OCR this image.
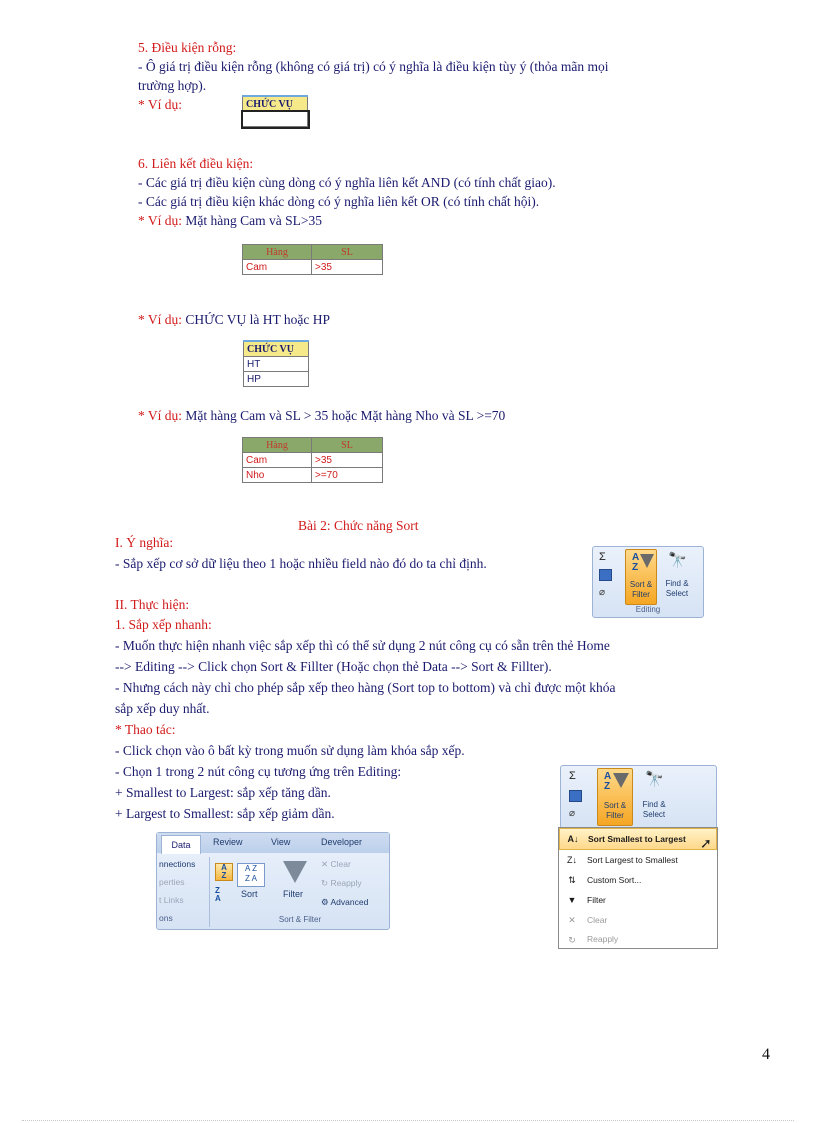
5. Điều kiện rỗng:
- Ô giá trị điều kiện rỗng (không có giá trị) có ý nghĩa là điều kiện tùy ý (thỏa mãn mọi
trường hợp).
* Ví dụ:	CHỨC VỤ

6. Liên kết điều kiện:
- Các giá trị điều kiện cùng dòng có ý nghĩa liên kết AND (có tính chất giao).
- Các giá trị điều kiện khác dòng có ý nghĩa liên kết OR (có tính chất hội).
* Ví dụ: Mặt hàng Cam và SL>35
Hàng	SL
Cam	>35
* Ví dụ: CHỨC VỤ là HT hoặc HP
CHỨC VỤ
HT
HP
* Ví dụ: Mặt hàng Cam và SL > 35 hoặc Mặt hàng Nho và SL >=70
Hàng	SL
Cam	>35
Nho	>=70
Bài 2: Chức năng Sort
I. Ý nghĩa:
- Sắp xếp cơ sở dữ liệu theo 1 hoặc nhiều field nào đó do ta chỉ định.	Σ
⌀
A
Z
Sort &
Filter
🔭
Find &
Select
Editing
II. Thực hiện:
1. Sắp xếp nhanh:
- Muốn thực hiện nhanh việc sắp xếp thì có thể sử dụng 2 nút công cụ có sẵn trên thẻ Home
--> Editing --> Click chọn Sort & Fillter (Hoặc chọn thẻ Data --> Sort & Fillter).
- Nhưng cách này chỉ cho phép sắp xếp theo hàng (Sort top to bottom) và chỉ được một khóa
sắp xếp duy nhất.
* Thao tác:
- Click chọn vào ô bất kỳ trong muốn sử dụng làm khóa sắp xếp.
- Chọn 1 trong 2 nút công cụ tương ứng trên Editing:
+ Smallest to Largest: sắp xếp tăng dần.
+ Largest to Smallest: sắp xếp giảm dần.
Data	Review	View	Developer
nnections
perties
t Links
ons
A
Z
Z
A
A Z
Z A
Sort	Filter
✕ Clear
↻ Reapply
⚙ Advanced
Sort & Filter
Σ
⌀
A
Z
Sort &
Filter
🔭
Find &
Select
A↓ Sort Smallest to Largest
Z↓ Sort Largest to Smallest
⇅	Custom Sort...
▼ Filter
✕	Clear
↻	Reapply
➚
4
